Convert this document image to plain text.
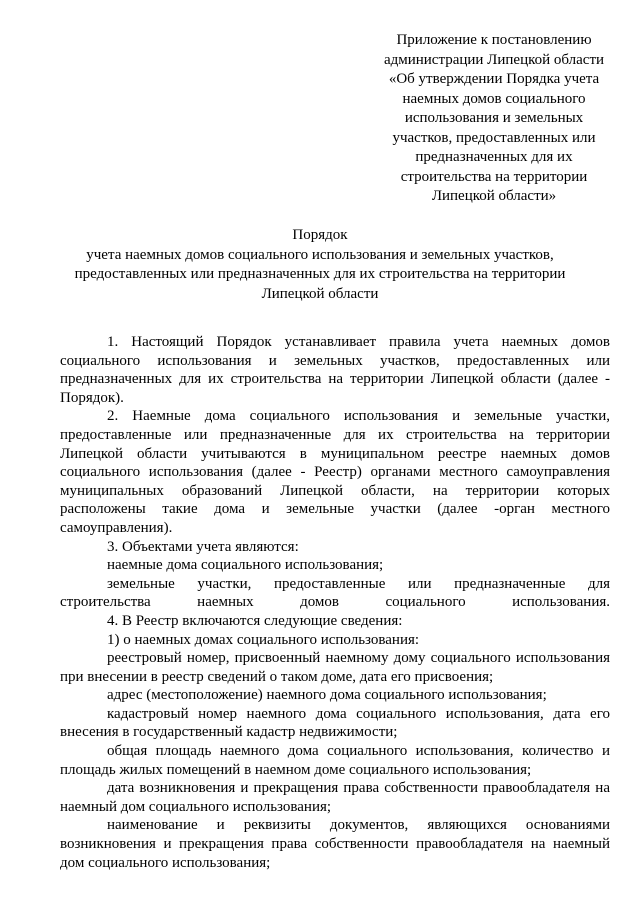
Приложение к постановлению
администрации Липецкой области
«Об утверждении Порядка учета
наемных домов социального
использования и земельных
участков, предоставленных или
предназначенных для их
строительства на территории
Липецкой области»
Порядок
учета наемных домов социального использования и земельных участков,
предоставленных или предназначенных для их строительства на территории
Липецкой области

1. Настоящий Порядок устанавливает правила учета наемных домов социального использования и земельных участков, предоставленных или предназначенных для их строительства на территории Липецкой области (далее - Порядок).

2. Наемные дома социального использования и земельные участки, предоставленные или предназначенные для их строительства на территории Липецкой области учитываются в муниципальном реестре наемных домов социального использования (далее - Реестр) органами местного самоуправления муниципальных образований Липецкой области, на территории которых расположены такие дома и земельные участки (далее -орган местного самоуправления).

3. Объектами учета являются:

наемные дома социального использования;

земельные участки, предоставленные или предназначенные для строительства наемных домов социального использования.

4. В Реестр включаются следующие сведения:

1) о наемных домах социального использования:

реестровый номер, присвоенный наемному дому социального использования при внесении в реестр сведений о таком доме, дата его присвоения;

адрес (местоположение) наемного дома социального использования;

кадастровый номер наемного дома социального использования, дата его внесения в государственный кадастр недвижимости;

общая площадь наемного дома социального использования, количество и площадь жилых помещений в наемном доме социального использования;

дата возникновения и прекращения права собственности правообладателя на наемный дом социального использования;

наименование и реквизиты документов, являющихся основаниями возникновения и прекращения права собственности правообладателя на наемный дом социального использования;
